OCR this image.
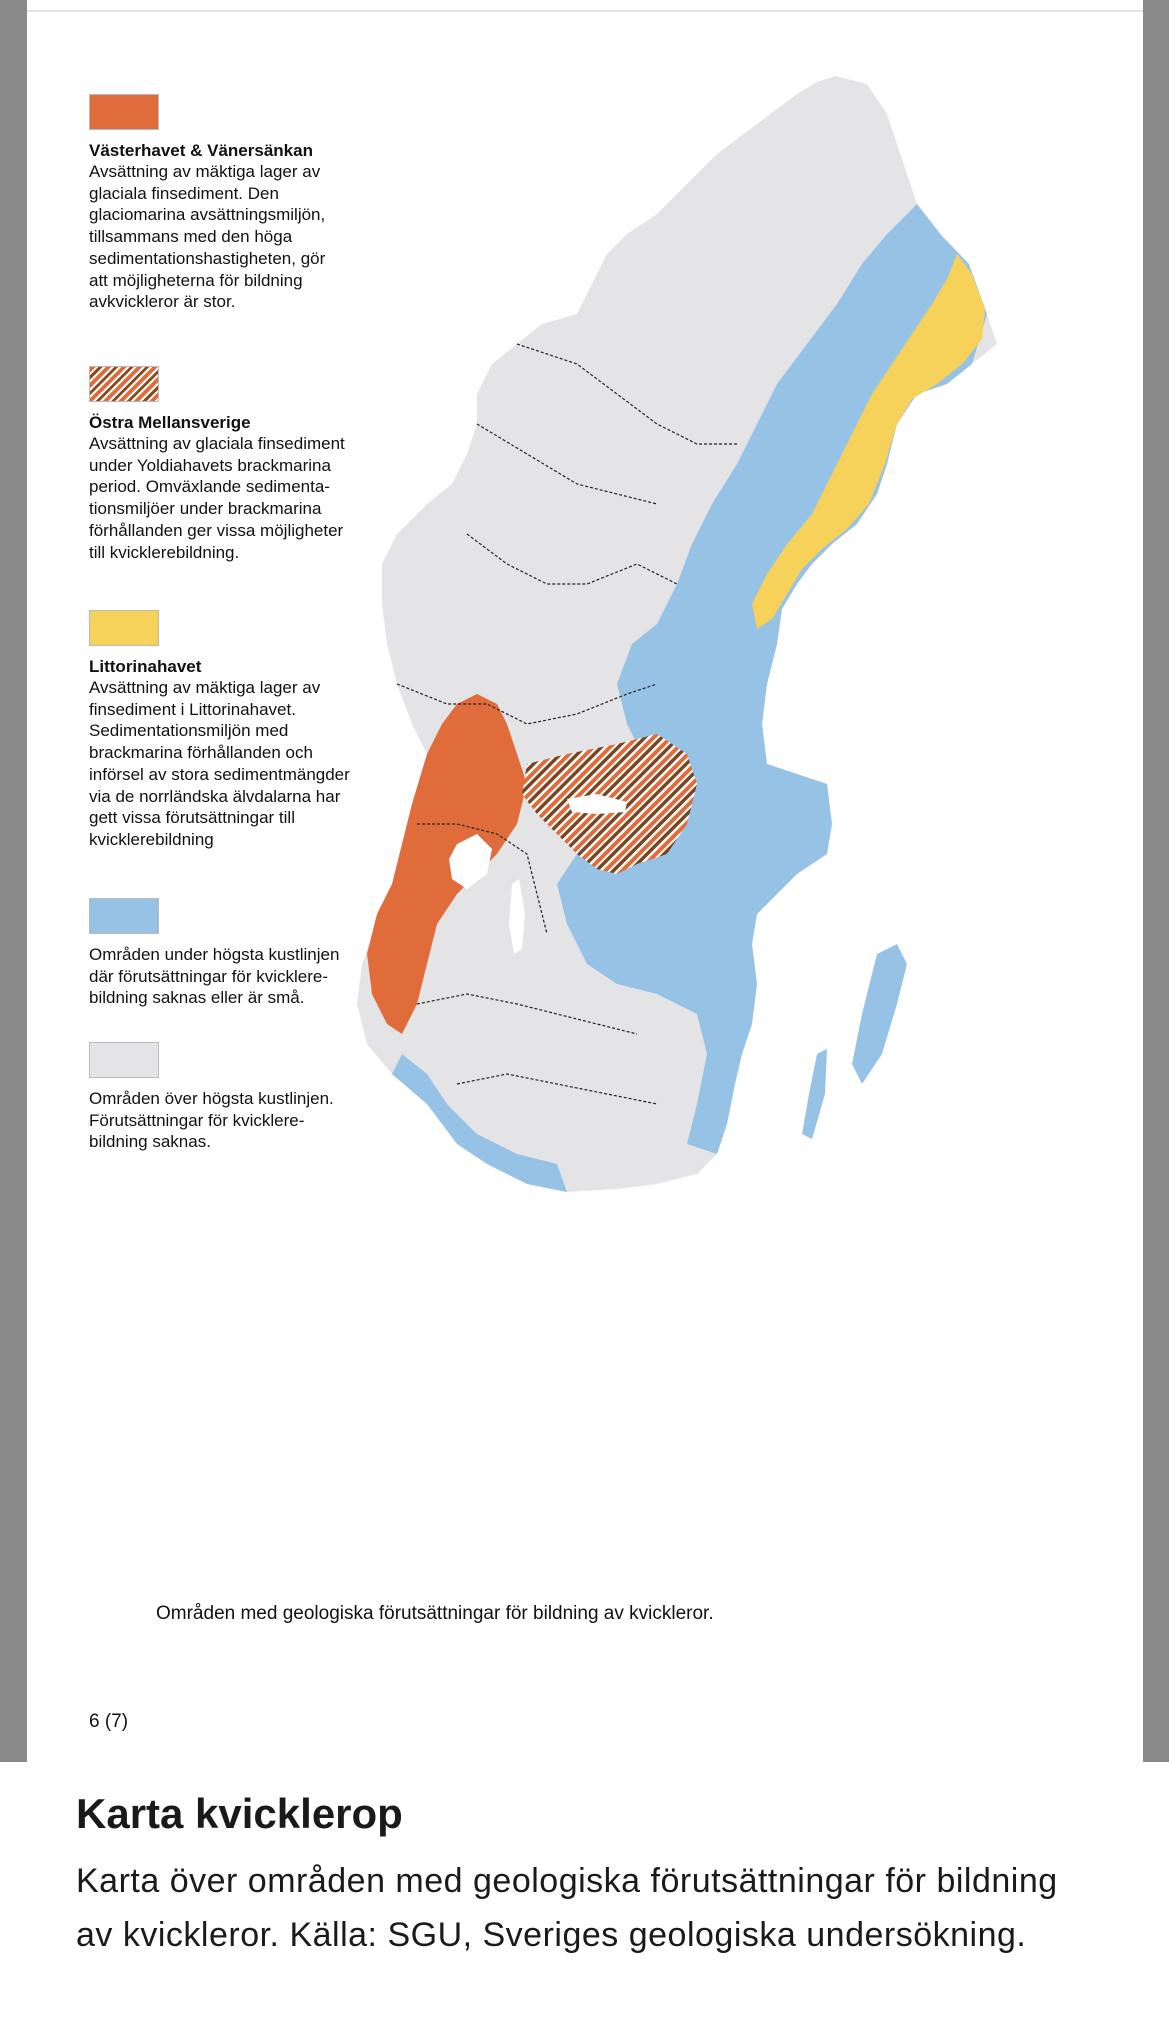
Västerhavet & Vänersänkan
Avsättning av mäktiga lager av
glaciala finsediment. Den
glaciomarina avsättningsmiljön,
tillsammans med den höga
sedimentationshastigheten, gör
att möjligheterna för bildning
avkvickleror är stor.
Östra Mellansverige
Avsättning av glaciala finsediment
under Yoldiahavets brackmarina
period. Omväxlande sedimenta-
tionsmiljöer under brackmarina
förhållanden ger vissa möjligheter
till kvicklerebildning.
Littorinahavet
Avsättning av mäktiga lager av
finsediment i Littorinahavet.
Sedimentationsmiljön med
brackmarina förhållanden och
införsel av stora sedimentmängder
via de norrländska älvdalarna har
gett vissa förutsättningar till
kvicklerebildning
Områden under högsta kustlinjen
där förutsättningar för kvicklere-
bildning saknas eller är små.
Områden över högsta kustlinjen.
Förutsättningar för kvicklere-
bildning saknas.
Områden med geologiska förutsättningar för bildning av kvickleror.
6 (7)
Karta kvicklerор
Karta över områden med geologiska förutsättningar för bildning av kvickleror. Källa: SGU, Sveriges geologiska undersökning.
